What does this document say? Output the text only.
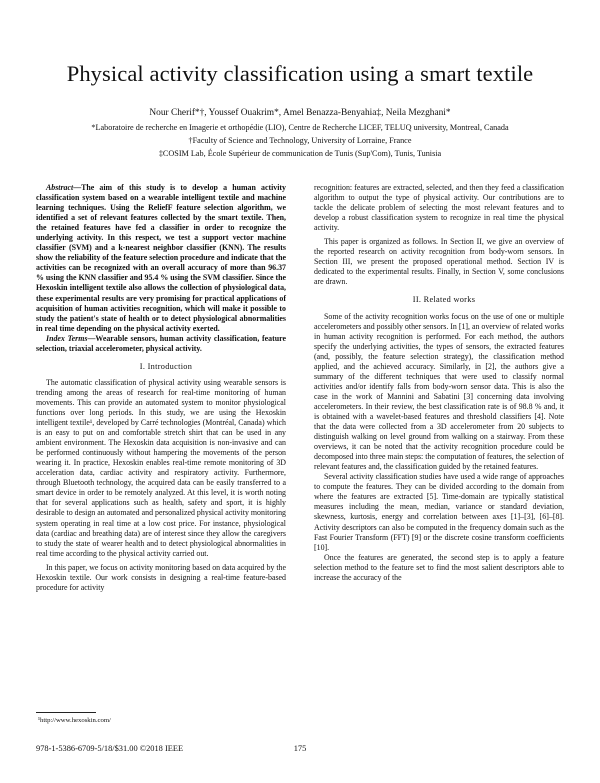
Physical activity classification using a smart textile
Nour Cherif*†, Youssef Ouakrim*, Amel Benazza-Benyahia‡, Neila Mezghani*
*Laboratoire de recherche en Imagerie et orthopédie (LIO), Centre de Recherche LICEF, TELUQ university, Montreal, Canada
†Faculty of Science and Technology, University of Lorraine, France
‡COSIM Lab, École Supérieur de communication de Tunis (Sup'Com), Tunis, Tunisia

Abstract—The aim of this study is to develop a human activity classification system based on a wearable intelligent textile and machine learning techniques. Using the ReliefF feature selection algorithm, we identified a set of relevant features collected by the smart textile. Then, the retained features have fed a classifier in order to recognize the underlying activity. In this respect, we test a support vector machine classifier (SVM) and a k-nearest neighbor classifier (KNN). The results show the reliability of the feature selection procedure and indicate that the activities can be recognized with an overall accuracy of more than 96.37 % using the KNN classifier and 95.4 % using the SVM classifier. Since the Hexoskin intelligent textile also allows the collection of physiological data, these experimental results are very promising for practical applications of acquisition of human activities recognition, which will make it possible to study the patient's state of health or to detect physiological abnormalities in real time depending on the physical activity exerted.

Index Terms—Wearable sensors, human activity classification, feature selection, triaxial accelerometer, physical activity.

I. Introduction

The automatic classification of physical activity using wearable sensors is trending among the areas of research for real-time monitoring of human movements. This can provide an automated system to monitor physiological functions over long periods. In this study, we are using the Hexoskin intelligent textile¹, developed by Carré technologies (Montréal, Canada) which is an easy to put on and comfortable stretch shirt that can be used in any ambient environment. The Hexoskin data acquisition is non-invasive and can be performed continuously without hampering the movements of the person wearing it. In practice, Hexoskin enables real-time remote monitoring of 3D acceleration data, cardiac activity and respiratory activity. Furthermore, through Bluetooth technology, the acquired data can be easily transferred to a smart device in order to be remotely analyzed. At this level, it is worth noting that for several applications such as health, safety and sport, it is highly desirable to design an automated and personalized physical activity monitoring system operating in real time at a low cost price. For instance, physiological data (cardiac and breathing data) are of interest since they allow the caregivers to study the state of wearer health and to detect physiological abnormalities in real time according to the physical activity carried out.

In this paper, we focus on activity monitoring based on data acquired by the Hexoskin textile. Our work consists in designing a real-time feature-based procedure for activity

recognition: features are extracted, selected, and then they feed a classification algorithm to output the type of physical activity. Our contributions are to tackle the delicate problem of selecting the most relevant features and to develop a robust classification system to recognize in real time the physical activity.

This paper is organized as follows. In Section II, we give an overview of the reported research on activity recognition from body-worn sensors. In Section III, we present the proposed operational method. Section IV is dedicated to the experimental results. Finally, in Section V, some conclusions are drawn.

II. Related works

Some of the activity recognition works focus on the use of one or multiple accelerometers and possibly other sensors. In [1], an overview of related works in human activity recognition is performed. For each method, the authors specify the underlying activities, the types of sensors, the extracted features (and, possibly, the feature selection strategy), the classification method applied, and the achieved accuracy. Similarly, in [2], the authors give a summary of the different techniques that were used to classify normal activities and/or identify falls from body-worn sensor data. This is also the case in the work of Mannini and Sabatini [3] concerning data involving accelerometers. In their review, the best classification rate is of 98.8 % and, it is obtained with a wavelet-based features and threshold classifiers [4]. Note that the data were collected from a 3D accelerometer from 20 subjects to distinguish walking on level ground from walking on a stairway. From these overviews, it can be noted that the activity recognition procedure could be decomposed into three main steps: the computation of features, the selection of relevant features and, the classification guided by the retained features.

Several activity classification studies have used a wide range of approaches to compute the features. They can be divided according to the domain from where the features are extracted [5]. Time-domain are typically statistical measures including the mean, median, variance or standard deviation, skewness, kurtosis, energy and correlation between axes [1]–[3], [6]–[8]. Activity descriptors can also be computed in the frequency domain such as the Fast Fourier Transform (FFT) [9] or the discrete cosine transform coefficients [10].

Once the features are generated, the second step is to apply a feature selection method to the feature set to find the most salient descriptors able to increase the accuracy of the

¹http://www.hexoskin.com/
978-1-5386-6709-5/18/$31.00 ©2018 IEEE	175
